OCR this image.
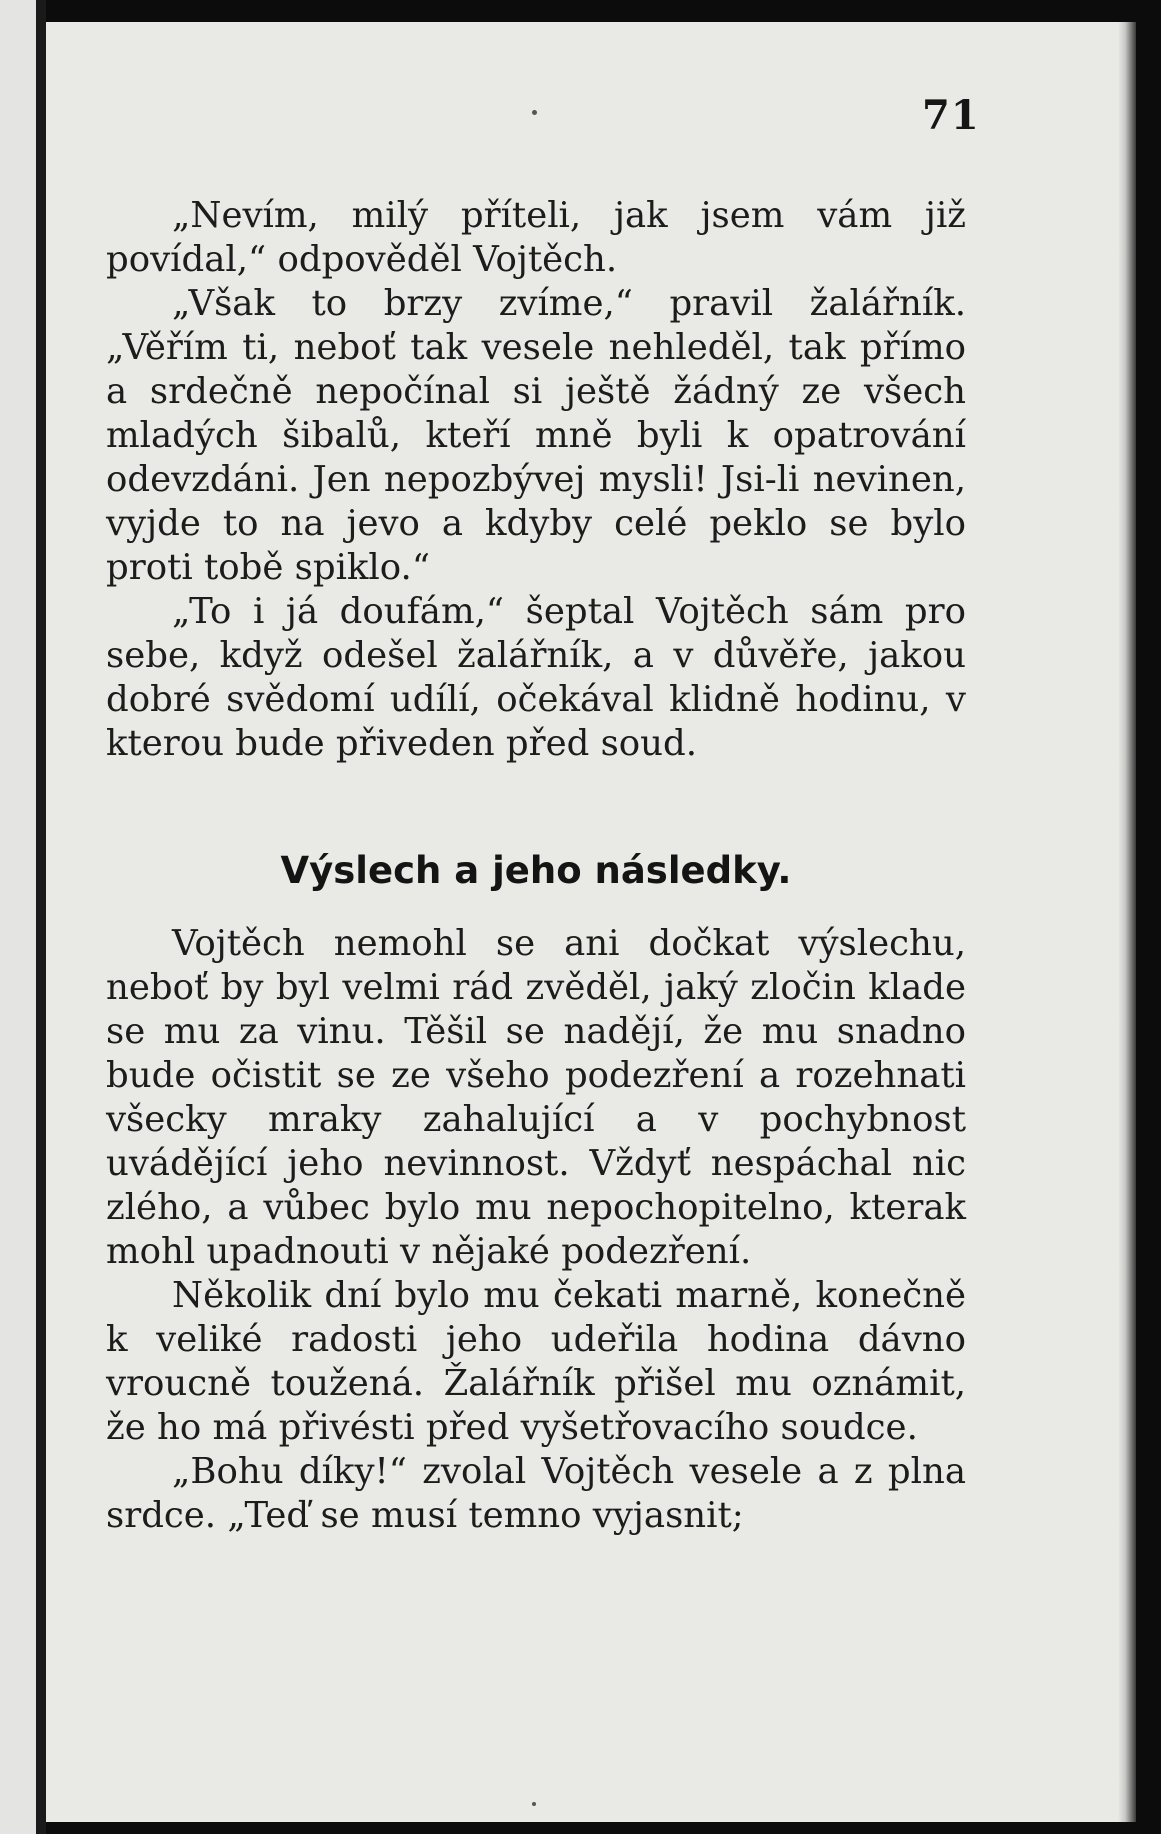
71

„Nevím, milý příteli, jak jsem vám již povídal,“ odpověděl Vojtěch.

„Však to brzy zvíme,“ pravil žalářník. „Věřím ti, neboť tak vesele nehleděl, tak přímo a srdečně nepočínal si ještě žádný ze všech mladých šibalů, kteří mně byli k opatrování odevzdáni. Jen nepozbývej mysli! Jsi-li nevinen, vyjde to na jevo a kdyby celé peklo se bylo proti tobě spiklo.“

„To i já doufám,“ šeptal Vojtěch sám pro sebe, když odešel žalářník, a v důvěře, jakou dobré svědomí udílí, očekával klidně hodinu, v kterou bude přiveden před soud.

Výslech a jeho následky.

Vojtěch nemohl se ani dočkat výslechu, neboť by byl velmi rád zvěděl, jaký zločin klade se mu za vinu. Těšil se nadějí, že mu snadno bude očistit se ze všeho podezření a rozehnati všecky mraky zahalující a v pochybnost uvádějící jeho nevinnost. Vždyť nespáchal nic zlého, a vůbec bylo mu nepochopitelno, kterak mohl upadnouti v nějaké podezření.

Několik dní bylo mu čekati marně, konečně k veliké radosti jeho udeřila hodina dávno vroucně toužená. Žalářník přišel mu oznámit, že ho má přivésti před vyšetřovacího soudce.

„Bohu díky!“ zvolal Vojtěch vesele a z plna srdce. „Teď se musí temno vyjasnit;
